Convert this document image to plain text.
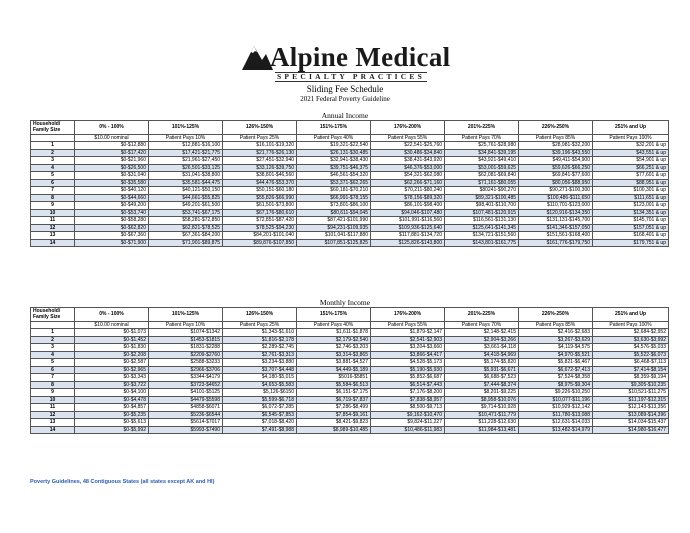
Alpine Medical
SPECIALTY PRACTICES
Sliding Fee Schedule
2021 Federal Poverty Guideline
Annual Income
Household/
Family Size	0% - 100%	101%-125%	126%-150%	151%-175%	176%-200%	201%-225%	226%-250%	251% and Up
	$10.00 nominal	Patient Pays 10%	Patient Pays 25%	Patient Pays 40%	Patient Pays 55%	Patient Pays 70%	Patient Pays 85%	Patient Pays 100%
1	$0-$12,880	$12,881-$16,100	$16,101-$19,320	$19,321-$22,540	$22,541-$25,760	$25,761-$28,980	$28,981-$32,200	$32,201 & up
2	$0-$17,420	$17,421-$21,775	$21,776-$26,130	$26,131-$30,485	$30,486-$34,840	$34,841-$39,195	$39,196-$43,550	$43,551 & up
3	$0-$21,960	$21,961-$27,450	$27,451-$32,940	$32,941-$38,430	$38,431-$43,920	$43,921-$49,410	$49,411-$54,900	$54,901 & up
4	$0-$26,500	$26,501-$33,125	$33,126-$39,750	$39,751-$46,375	$46,376-$53,000	$53,001-$59,625	$59,626-$66,250	$66,251 & up
5	$0-$31,040	$31,041-$38,800	$38,801-$46,560	$46,561-$54,320	$54,321-$62,080	$62,081-$69,840	$69,841-$77,600	$77,601 & up
6	$0-$35,580	$35,581-$44,475	$44,476-$53,370	$53,371-$62,265	$62,266-$71,160	$71,161-$80,055	$80,056-$88,950	$88,951 & up
7	$0-$40,120	$40,121-$50,150	$50,151-$60,180	$60,181-$70,210	$70,211-$80,240	$80241-$90,270	$90,271-$100,300	$100,301 & up
8	$0-$44,660	$44,661-$55,825	$55,826-$66,990	$66,991-$78,155	$78,156-$89,320	$89,321-$100,485	$100,486-$111,650	$111,651 & up
9	$0-$49,200	$49,201-$61,500	$61,501-$73,800	$73,801-$86,100	$86,101-$98,400	$98,401-$110,700	$110,701-$123,000	$123,001 & up
10	$0-$53,740	$53,741-$67,175	$67,176-$80,610	$80,611-$94,045	$94,046-$107,480	$107,481-$120,915	$120,916-$134,350	$134,351 & up
11	$0-$58,280	$58,281-$72,850	$72,851-$87,420	$87,421-$101,990	$101,991-$116,560	$116,561-$131,130	$131,131-$145,700	$145,701 & up
12	$0-$62,820	$62,821-$78,525	$78,525-$94,230	$94,231-$109,935	$109,936-$125,640	$125,641-$141,345	$141,346-$157,050	$157,051 & up
13	$0-$67,360	$67,361-$84,200	$84,201-$101,040	$101,041-$117,880	$117,881-$134,720	$134,721-$151,560	$151,561-$168,400	$168,401 & up
14	$0-$71,900	$71,901-$89,875	$89,876-$107,850	$107,851-$125,825	$125,826-$143,800	$143,801-$161,775	$161,776-$179,750	$179,751 & up
Monthly Income
Household/
Family Size	0% - 100%	101%-125%	126%-150%	151%-175%	176%-200%	201%-225%	226%-250%	251% and Up
	$10.00 nominal	Patient Pays 10%	Patient Pays 25%	Patient Pays 40%	Patient Pays 55%	Patient Pays 70%	Patient Pays 85%	Patient Pays 100%
1	$0-$1,073	$1074-$1342	$1,343-$1,610	$1,611-$1,878	$1,879-$2,147	$2,148-$2,415	$2,416-$2,683	$2,684-$2,952
2	$0-$1,452	$1453-$1815	$1,816-$2,178	$2,179-$2,540	$2,541-$2,903	$2,904-$3,266	$3,267-$3,629	$3,630-$3,992
3	$0-$1,830	$1831-$2288	$2,289-$2,745	$2,746-$3,203	$3,204-$3,660	$3,661-$4,118	$4,119-$4,575	$4,576-$5,033
4	$0-$2,208	$2209-$2760	$2,761-$3,313	$3,314-$3,865	$3,866-$4,417	$4,418-$4,969	$4,970-$5,521	$5,522-$6,073
5	$0-$2,587	$2588-$3233	$3,234-$3,880	$3,881-$4,527	$4,528-$5,173	$5,174-$5,820	$5,821-$6,467	$6,468-$7,113
6	$0-$2,965	$2966-$3706	$3,707-$4,448	$4,449-$5,189	$5,190-$5,930	$5,931-$6,671	$6,672-$7,413	$7,414-$8,154
7	$0-$3,343	$3344-$4179	$4,180-$5,015	$5016-$5851	$5,852-$6,687	$6,688-$7,523	$7,524-$8,358	$8,359-$9,194
8	$0-$3,722	$3723-$4652	$4,653-$5,583	$5,584-$6,513	$6,514-$7,443	$7,444-$8,374	$8,975-$9,304	$9,305-$10,235
9	$0-$4,100	$4101-$5125	$5,126-$6150	$6,151-$7,175	$7,176-$8,200	$8,201-$9,225	$9,226-$10,250	$10,521-$11,275
10	$0-$4,478	$4479-$5598	$5,599-$6,718	$6,719-$7,837	$7,838-$8,957	$8,958-$10,076	$10,077-$11,196	$11,197-$12,315
11	$0-$4,857	$4858-$6071	$6,072-$7,285	$7,286-$8,499	$8,500-$9,713	$9,714-$10,928	$10,929-$12,142	$12,143-$13,356
12	$0-$5,235	$5236-$6544	$6,545-$7,853	$7,854-$9,161	$9,162-$10,470	$10,471-$11,779	$11,780-$13,088	$13,089-$14,396
13	$0-$5,613	$5614-$7017	$7,018-$8,420	$8,421-$9,823	$9,824-$11,227	$11,228-$12,630	$12,631-$14,033	$14,034-$15,437
14	$0-$5,992	$5993-$7490	$7,491-$8,988	$8,989-$10,485	$10,486-$11,983	$11,984-$13,481	$13,482-$14,979	$14,980-$16,477
Poverty Guidelines, 48 Contiguous States (all states except AK and HI)
